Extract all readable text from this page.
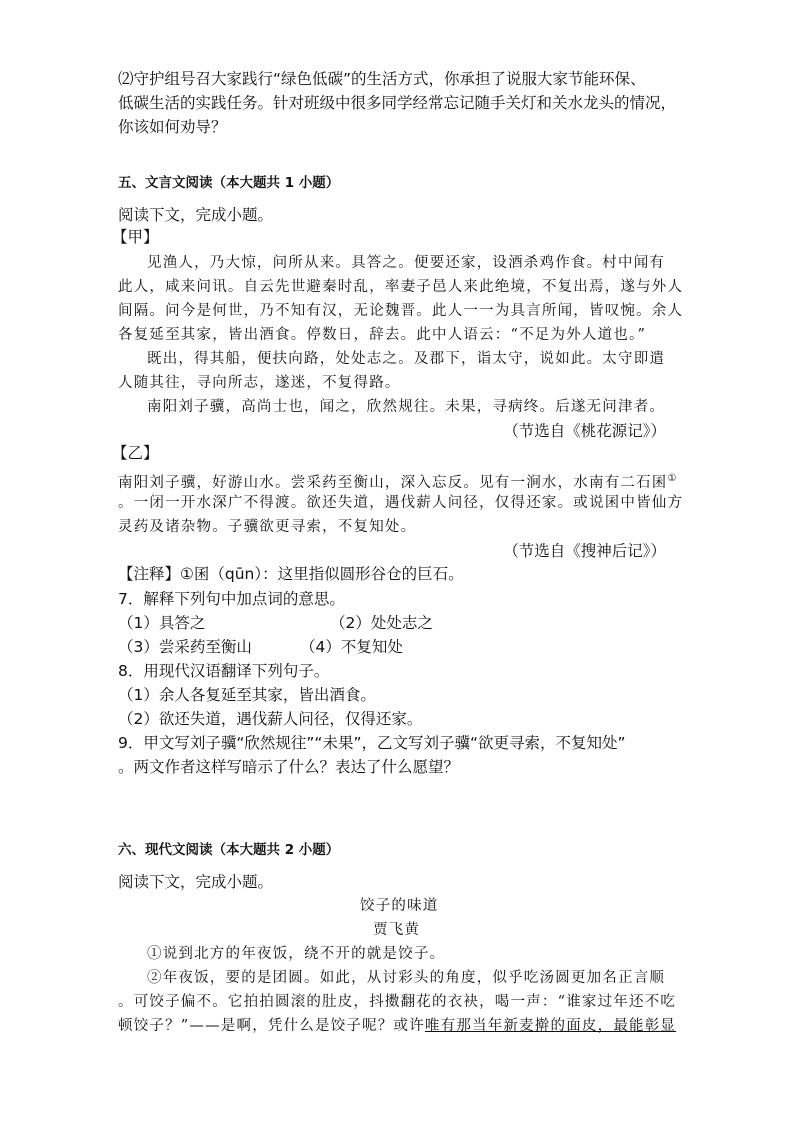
⑵守护组号召大家践行“绿色低碳”的生活方式，你承担了说服大家节能环保、
低碳生活的实践任务。针对班级中很多同学经常忘记随手关灯和关水龙头的情况，
你该如何劝导？
五、文言文阅读（本大题共 1 小题）
阅读下文，完成小题。
【甲】
见渔人，乃大惊，问所从来。具答之。便要还家，设酒杀鸡作食。村中闻有
此人，咸来问讯。自云先世避秦时乱，率妻子邑人来此绝境，不复出焉，遂与外人
间隔。问今是何世，乃不知有汉，无论魏晋。此人一一为具言所闻，皆叹惋。余人
各复延至其家，皆出酒食。停数日，辞去。此中人语云：“不足为外人道也。”
既出，得其船，便扶向路，处处志之。及郡下，诣太守，说如此。太守即遣
人随其往，寻向所志，遂迷，不复得路。
南阳刘子骥，高尚士也，闻之，欣然规往。未果，寻病终。后遂无问津者。
（节选自《桃花源记》）
【乙】
南阳刘子骥，好游山水。尝采药至衡山，深入忘反。见有一涧水，水南有二石囷①
。一闭一开水深广不得渡。欲还失道，遇伐薪人问径，仅得还家。或说囷中皆仙方
灵药及诸杂物。子骥欲更寻索，不复知处。
（节选自《搜神后记》）
【注释】①囷（qūn）：这里指似圆形谷仓的巨石。
7．解释下列句中加点词的意思。
（1）具答之	（2）处处志之
（3）尝采药至衡山	（4）不复知处
8．用现代汉语翻译下列句子。
（1）余人各复延至其家，皆出酒食。
（2）欲还失道，遇伐薪人问径，仅得还家。
9．甲文写刘子骥“欣然规往”“未果”，乙文写刘子骥“欲更寻索，不复知处”
。两文作者这样写暗示了什么？表达了什么愿望？
六、现代文阅读（本大题共 2 小题）
阅读下文，完成小题。
饺子的味道
贾飞黄
①说到北方的年夜饭，绕不开的就是饺子。
②年夜饭，要的是团圆。如此，从讨彩头的角度，似乎吃汤圆更加名正言顺
。可饺子偏不。它拍拍圆滚的肚皮，抖擞翻花的衣袂，喝一声：“谁家过年还不吃
顿饺子？”——是啊，凭什么是饺子呢？或许唯有那当年新麦擀的面皮，最能彰显
